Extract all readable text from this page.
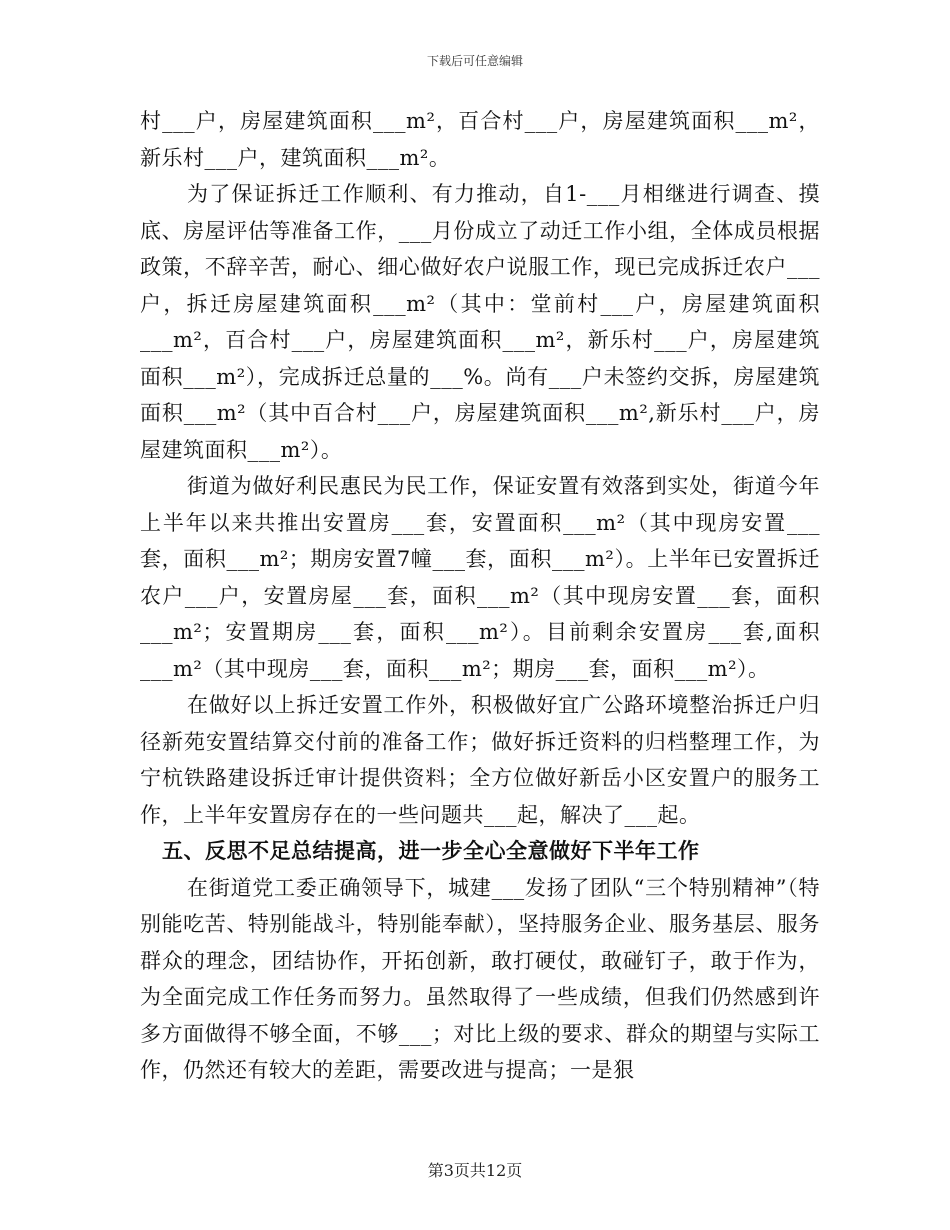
下载后可任意编辑

村___户，房屋建筑面积___m²，百合村___户，房屋建筑面积___m²，新乐村___户，建筑面积___m²。

为了保证拆迁工作顺利、有力推动，自1-___月相继进行调查、摸底、房屋评估等准备工作，___月份成立了动迁工作小组，全体成员根据政策，不辞辛苦，耐心、细心做好农户说服工作，现已完成拆迁农户___户，拆迁房屋建筑面积___m²（其中：堂前村___户，房屋建筑面积___m²，百合村___户，房屋建筑面积___m²，新乐村___户，房屋建筑面积___m²），完成拆迁总量的___%。尚有___户未签约交拆，房屋建筑面积___m²（其中百合村___户，房屋建筑面积___m²,新乐村___户，房屋建筑面积___m²）。

街道为做好利民惠民为民工作，保证安置有效落到实处，街道今年上半年以来共推出安置房___套，安置面积___m²（其中现房安置___套，面积___m²；期房安置7幢___套，面积___m²）。上半年已安置拆迁农户___户，安置房屋___套，面积___m²（其中现房安置___套，面积___m²；安置期房___套，面积___m²）。目前剩余安置房___套,面积___m²（其中现房___套，面积___m²；期房___套，面积___m²）。

在做好以上拆迁安置工作外，积极做好宜广公路环境整治拆迁户归径新苑安置结算交付前的准备工作；做好拆迁资料的归档整理工作，为宁杭铁路建设拆迁审计提供资料；全方位做好新岳小区安置户的服务工作，上半年安置房存在的一些问题共___起，解决了___起。

五、反思不足总结提高，进一步全心全意做好下半年工作

在街道党工委正确领导下，城建___发扬了团队“三个特别精神”（特别能吃苦、特别能战斗，特别能奉献），坚持服务企业、服务基层、服务群众的理念，团结协作，开拓创新，敢打硬仗，敢碰钉子，敢于作为，为全面完成工作任务而努力。虽然取得了一些成绩，但我们仍然感到许多方面做得不够全面，不够___；对比上级的要求、群众的期望与实际工作，仍然还有较大的差距，需要改进与提高；一是狠

第3页共12页
